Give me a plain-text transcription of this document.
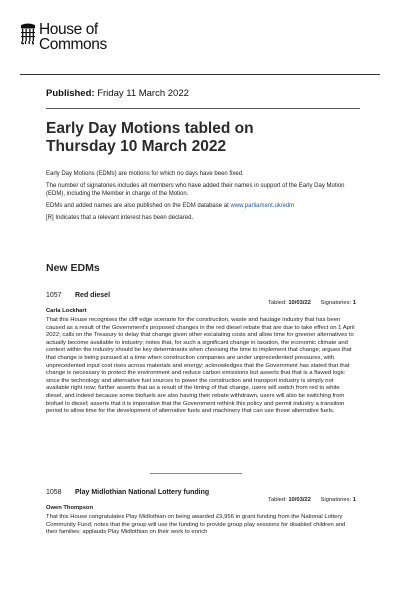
House of
Commons
Published: Friday 11 March 2022
Early Day Motions tabled on
Thursday 10 March 2022

Early Day Motions (EDMs) are motions for which no days have been fixed.

The number of signatories includes all members who have added their names in support of the Early Day Motion (EDM), including the Member in charge of the Motion.

EDMs and added names are also published on the EDM database at www.parliament.uk/edm

[R] Indicates that a relevant interest has been declared.

New EDMs
1057	Red diesel
Tabled: 10/03/22 Signatories: 1
Carla Lockhart
That this House recognises the cliff edge scenario for the construction, waste and haulage industry that has been caused as a result of the Government's proposed changes in the red diesel rebate that are due to take effect on 1 April 2022; calls on the Treasury to delay that change given other escalating costs and allow time for greener alternatives to actually become available to industry; notes that, for such a significant change in taxation, the economic climate and context within the industry should be key determinants when choosing the time to implement that change; argues that that change is being pursued at a time when construction companies are under unprecedented pressures, with unprecedented input cost rises across materials and energy; acknowledges that the Government has stated that that change is necessary to protect the environment and reduce carbon emissions but asserts that that is a flawed logic since the technology and alternative fuel sources to power the construction and transport industry is simply not available right now; further asserts that as a result of the timing of that change, users will switch from red to white diesel, and indeed because some biofuels are also having their rebate withdrawn, users will also be switching from biofuel to diesel; asserts that it is imperative that the Government rethink this policy and permit industry a transition period to allow time for the development of alternative fuels and machinery that can use those alternative fuels.
1058	Play Midlothian National Lottery funding
Tabled: 10/03/22 Signatories: 1
Owen Thompson
That this House congratulates Play Midlothian on being awarded £9,956 in grant funding from the National Lottery Community Fund; notes that the group will use the funding to provide group play sessions for disabled children and their families; applauds Play Midlothian on their work to enrich
